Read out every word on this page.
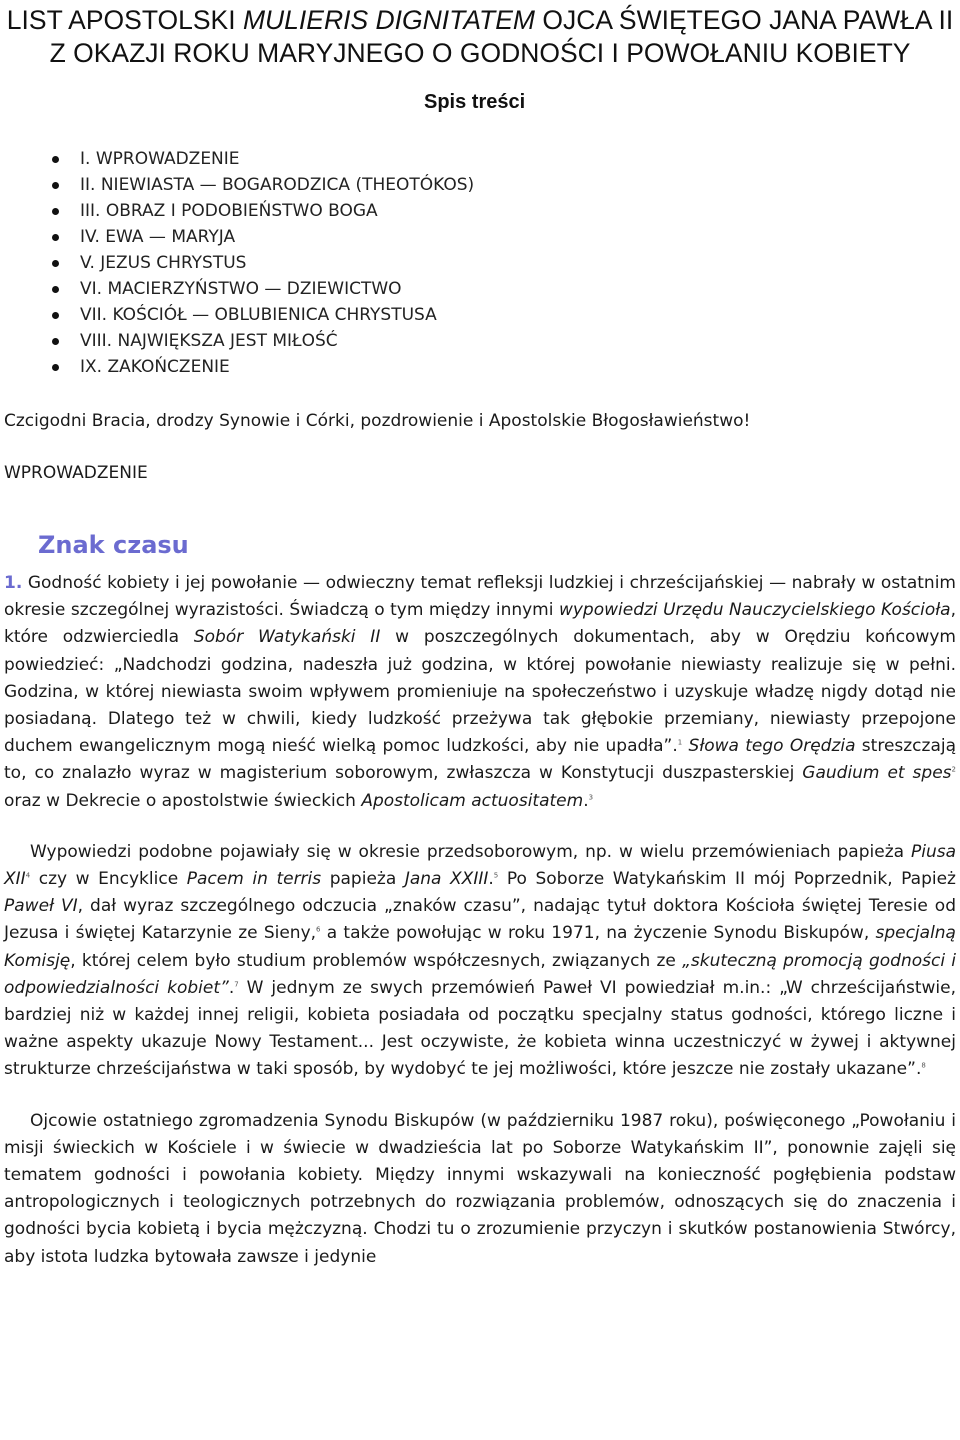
LIST APOSTOLSKI MULIERIS DIGNITATEM OJCA ŚWIĘTEGO JANA PAWŁA II Z OKAZJI ROKU MARYJNEGO O GODNOŚCI I POWOŁANIU KOBIETY
Spis treści
I. WPROWADZENIE
II. NIEWIASTA — BOGARODZICA (THEOTÓKOS)
III. OBRAZ I PODOBIEŃSTWO BOGA
IV. EWA — MARYJA
V. JEZUS CHRYSTUS
VI. MACIERZYŃSTWO — DZIEWICTWO
VII. KOŚCIÓŁ — OBLUBIENICA CHRYSTUSA
VIII. NAJWIĘKSZA JEST MIŁOŚĆ
IX. ZAKOŃCZENIE

Czcigodni Bracia, drodzy Synowie i Córki, pozdrowienie i Apostolskie Błogosławieństwo!

WPROWADZENIE

Znak czasu

1. Godność kobiety i jej powołanie — odwieczny temat refleksji ludzkiej i chrześcijańskiej — nabrały w ostatnim okresie szczególnej wyrazistości. Świadczą o tym między innymi wypowiedzi Urzędu Nauczycielskiego Kościoła, które odzwierciedla Sobór Watykański II w poszczególnych dokumentach, aby w Orędziu końcowym powiedzieć: „Nadchodzi godzina, nadeszła już godzina, w której powołanie niewiasty realizuje się w pełni. Godzina, w której niewiasta swoim wpływem promieniuje na społeczeństwo i uzyskuje władzę nigdy dotąd nie posiadaną. Dlatego też w chwili, kiedy ludzkość przeżywa tak głębokie przemiany, niewiasty przepojone duchem ewangelicznym mogą nieść wielką pomoc ludzkości, aby nie upadła”.$^1$ Słowa tego Orędzia streszczają to, co znalazło wyraz w magisterium soborowym, zwłaszcza w Konstytucji duszpasterskiej Gaudium et spes$^2$ oraz w Dekrecie o apostolstwie świeckich Apostolicam actuositatem.$^3$

Wypowiedzi podobne pojawiały się w okresie przedsoborowym, np. w wielu przemówieniach papieża Piusa XII$^4$ czy w Encyklice Pacem in terris papieża Jana XXIII.$^5$ Po Soborze Watykańskim II mój Poprzednik, Papież Paweł VI, dał wyraz szczególnego odczucia „znaków czasu”, nadając tytuł doktora Kościoła świętej Teresie od Jezusa i świętej Katarzynie ze Sieny,$^6$ a także powołując w roku 1971, na życzenie Synodu Biskupów, specjalną Komisję, której celem było studium problemów współczesnych, związanych ze „skuteczną promocją godności i odpowiedzialności kobiet”.$^7$ W jednym ze swych przemówień Paweł VI powiedział m.in.: „W chrześcijaństwie, bardziej niż w każdej innej religii, kobieta posiadała od początku specjalny status godności, którego liczne i ważne aspekty ukazuje Nowy Testament... Jest oczywiste, że kobieta winna uczestniczyć w żywej i aktywnej strukturze chrześcijaństwa w taki sposób, by wydobyć te jej możliwości, które jeszcze nie zostały ukazane”.$^8$

Ojcowie ostatniego zgromadzenia Synodu Biskupów (w październiku 1987 roku), poświęconego „Powołaniu i misji świeckich w Kościele i w świecie w dwadzieścia lat po Soborze Watykańskim II”, ponownie zajęli się tematem godności i powołania kobiety. Między innymi wskazywali na konieczność pogłębienia podstaw antropologicznych i teologicznych potrzebnych do rozwiązania problemów, odnoszących się do znaczenia i godności bycia kobietą i bycia mężczyzną. Chodzi tu o zrozumienie przyczyn i skutków postanowienia Stwórcy, aby istota ludzka bytowała zawsze i jedynie
